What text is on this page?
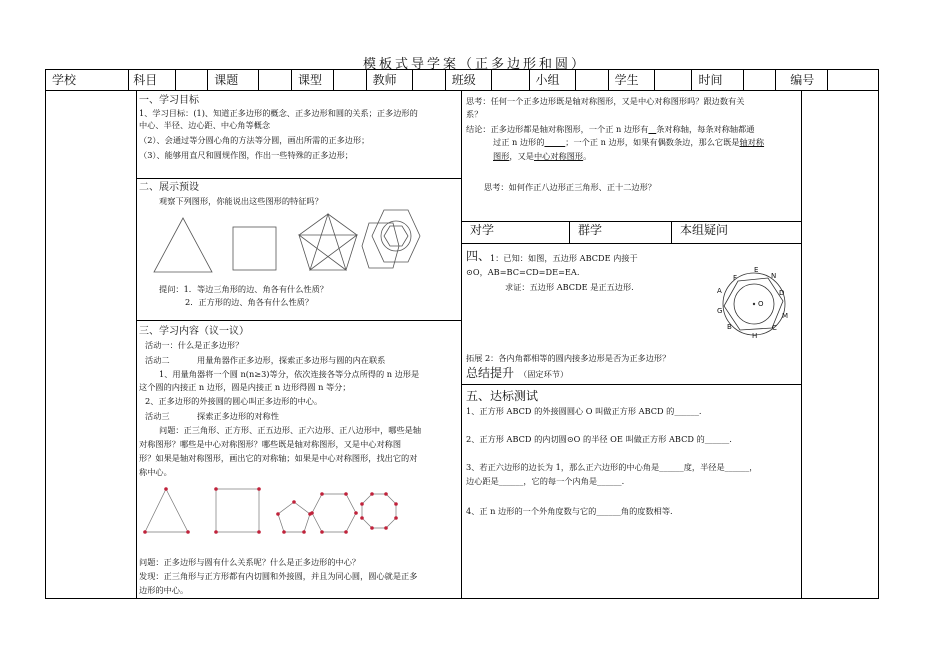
模板式导学案（正多边形和圆）
学校	科目	课题	课型	教师	班级	小组	学生	时间	编号
一、学习目标
1、学习目标：(1)、知道正多边形的概念、正多边形和圆的关系；正多边形的
中心、半径、边心距、中心角等概念
（2）、会通过等分圆心角的方法等分圆，画出所需的正多边形；
（3）、能够用直尺和圆规作图，作出一些特殊的正多边形；
二、展示预设
观察下列图形，你能说出这些图形的特征吗？
提问：1．等边三角形的边、角各有什么性质？
2．正方形的边、角各有什么性质？
三、学习内容（议一议）
活动一：什么是正多边形？
活动二	用量角器作正多边形，探索正多边形与圆的内在联系
1、用量角器将一个圆 n(n≥3)等分，依次连接各等分点所得的 n 边形是
这个圆的内接正 n 边形，圆是内接正 n 边形得圆 n 等分；
2、正多边形的外接圆的圆心叫正多边形的中心。
活动三	探索正多边形的对称性
问题：正三角形、正方形、正五边形、正六边形、正八边形中，哪些是轴
对称图形？哪些是中心对称图形？哪些既是轴对称图形，又是中心对称图
形？如果是轴对称图形，画出它的对称轴；如果是中心对称图形，找出它的对
称中心。
问题：正多边形与圆有什么关系呢？什么是正多边形的中心？
发现：正三角形与正方形都有内切圆和外接圆，并且为同心圆，圆心就是正多
边形的中心。
思考：任何一个正多边形既是轴对称图形，又是中心对称图形吗？跟边数有关
系？
结论：正多边形都是轴对称图形，一个正 n 边形有 条对称轴，每条对称轴都通
过正 n 边形的	；一个正 n 边形，如果有偶数条边，那么它既是轴对称
图形，又是中心对称图形。
思考：如何作正八边形正三角形、正十二边形？
对学	群学	本组疑问
四、 1：已知：如图，五边形 ABCDE 内接于
⊙O，AB=BC=CD=DE=EA.
求证：五边形 ABCDE 是正五边形.
F
E
N
A	D
O
G
M
B	C
H
拓展 2：各内角都相等的圆内接多边形是否为正多边形？
总结提升 （固定环节）
五、达标测试
1、正方形 ABCD 的外接圆圆心 O 叫做正方形 ABCD 的______.
2、正方形 ABCD 的内切圆⊙O 的半径 OE 叫做正方形 ABCD 的______.
3、若正六边形的边长为 1，那么正六边形的中心角是______度，半径是______，
边心距是______，它的每一个内角是______.
4、正 n 边形的一个外角度数与它的______角的度数相等.
